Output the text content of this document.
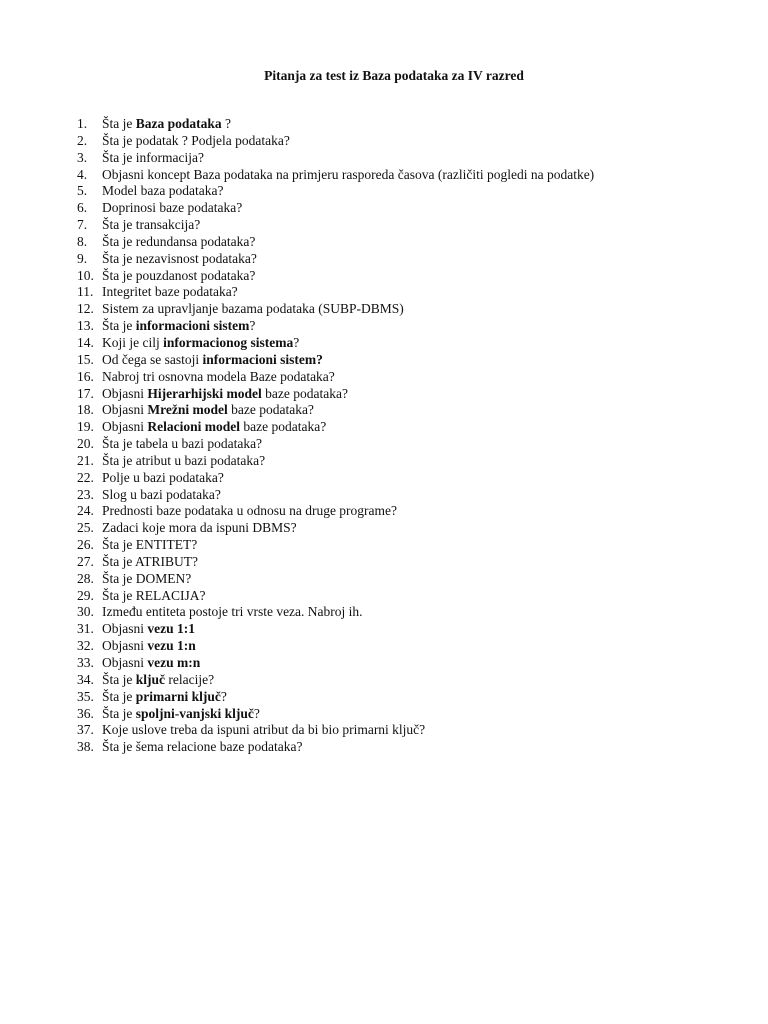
Pitanja za test iz Baza podataka za IV razred
1.	Šta je Baza podataka ?
2.	Šta je podatak ? Podjela podataka?
3.	Šta je informacija?
4.	Objasni koncept Baza podataka na primjeru rasporeda časova (različiti pogledi na podatke)
5.	Model baza podataka?
6.	Doprinosi baze podataka?
7.	Šta je transakcija?
8.	Šta je redundansa podataka?
9.	Šta je nezavisnost podataka?
10. Šta je pouzdanost podataka?
11. Integritet baze podataka?
12. Sistem za upravljanje bazama podataka (SUBP-DBMS)
13. Šta je informacioni sistem?
14. Koji je cilj informacionog sistema?
15. Od čega se sastoji informacioni sistem?
16. Nabroj tri osnovna modela Baze podataka?
17. Objasni Hijerarhijski model baze podataka?
18. Objasni Mrežni model baze podataka?
19. Objasni Relacioni model baze podataka?
20. Šta je tabela u bazi podataka?
21. Šta je atribut u bazi podataka?
22. Polje u bazi podataka?
23. Slog u bazi podataka?
24. Prednosti baze podataka u odnosu na druge programe?
25. Zadaci koje mora da ispuni DBMS?
26. Šta je ENTITET?
27. Šta je ATRIBUT?
28. Šta je DOMEN?
29. Šta je RELACIJA?
30. Između entiteta postoje tri vrste veza. Nabroj ih.
31. Objasni vezu 1:1
32. Objasni vezu 1:n
33. Objasni vezu m:n
34. Šta je ključ relacije?
35. Šta je primarni ključ?
36. Šta je spoljni-vanjski ključ?
37. Koje uslove treba da ispuni atribut da bi bio primarni ključ?
38. Šta je šema relacione baze podataka?
